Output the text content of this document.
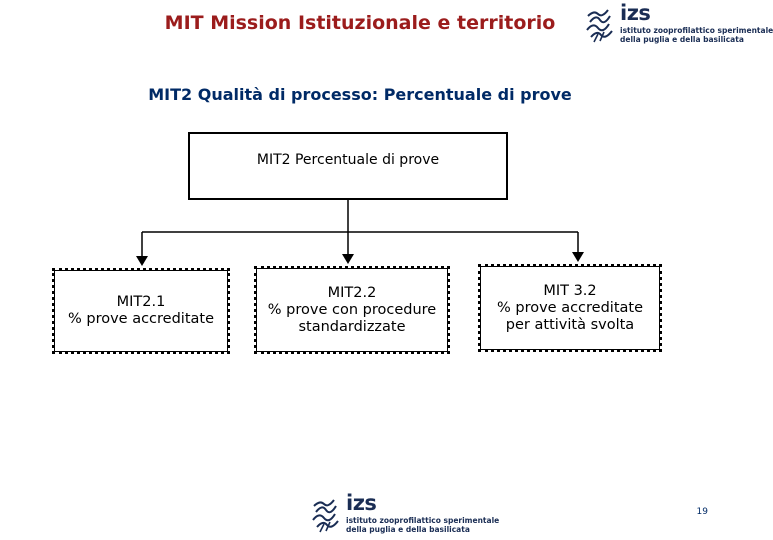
MIT Mission Istituzionale e territorio	izs
istituto zooprofilattico sperimentale
della puglia e della basilicata
MIT2 Qualità di processo: Percentuale di prove
MIT2 Percentuale di prove
MIT2.1
% prove accreditate
MIT2.2
% prove con procedure
standardizzate
MIT 3.2
% prove accreditate
per attività svolta
izs
istituto zooprofilattico sperimentale
della puglia e della basilicata
19
